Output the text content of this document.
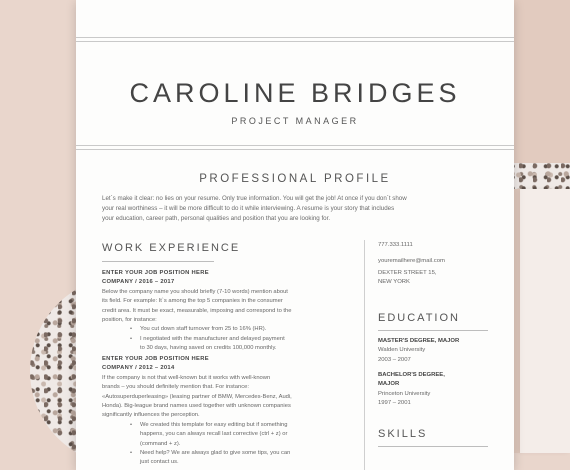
CAROLINE BRIDGES
PROJECT MANAGER
PROFESSIONAL PROFILE
Let`s make it clear: no lies on your resume. Only true information. You will get the job! At once if you don`t show
your real worthiness – it will be more difficult to do it while interviewing. A resume is your story that includes
your education, career path, personal qualities and position that you are looking for.
WORK EXPERIENCE
ENTER YOUR JOB POSITION HERE
COMPANY / 2016 – 2017
Below the company name you should briefly (7-10 words) mention about
its field. For example: It`s among the top 5 companies in the consumer
credit area. It must be exact, measurable, imposing and correspond to the
position, for instance:
• You cut down staff turnover from 25 to 16% (HR).
• I negotiated with the manufacturer and delayed payment
to 30 days, having saved on credits 100,000 monthly.
ENTER YOUR JOB POSITION HERE
COMPANY / 2012 – 2014
If the company is not that well-known but it works with well-known
brands – you should definitely mention that. For instance:
«Autosuperduperleasing» (leasing partner of BMW, Mercedes-Benz, Audi,
Honda). Big-league brand names used together with unknown companies
significantly influences the perception.
• We created this template for easy editing but if something
happens, you can always recall last corrective (ctrl + z) or
(command + z).
• Need help? We are always glad to give some tips, you can
just contact us.
777.333.1111
youremailhere@mail.com
DEXTER STREET 15,
NEW YORK
EDUCATION
MASTER'S DEGREE, MAJOR
Walden University
2003 – 2007
BACHELOR'S DEGREE,
MAJOR
Princeton University
1997 – 2001
SKILLS
